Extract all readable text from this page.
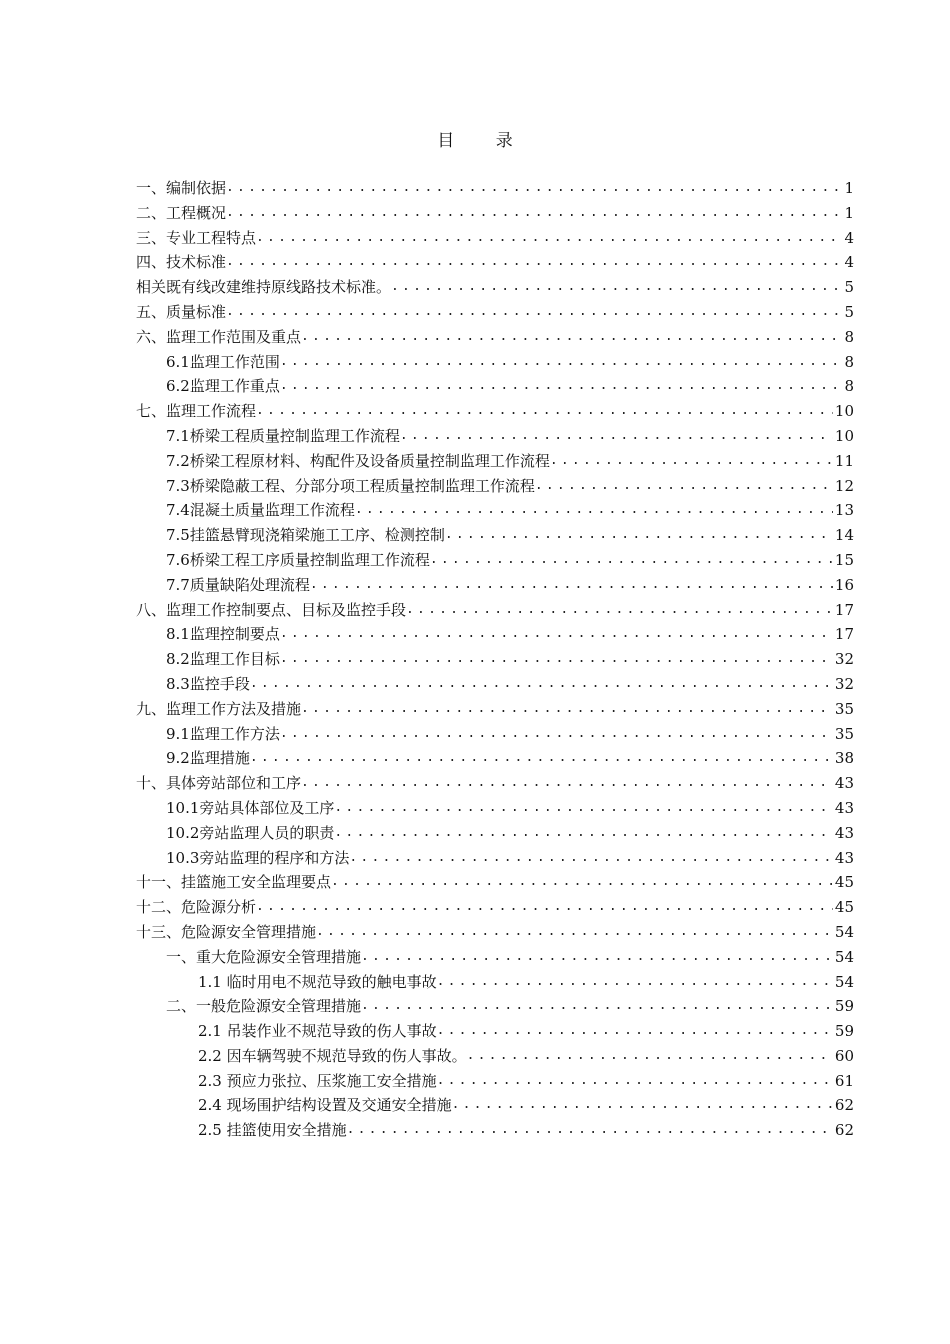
目 录
一、编制依据 .....	1
二、工程概况 .....	1
三、专业工程特点 .....	4
四、技术标准 .....	4
相关既有线改建维持原线路技术标准。 .....	5
五、质量标准 .....	5
六、监理工作范围及重点 .....	8
6.1监理工作范围 .....	8
6.2监理工作重点 .....	8
七、监理工作流程 .....	10
7.1桥梁工程质量控制监理工作流程 .....	10
7.2桥梁工程原材料、构配件及设备质量控制监理工作流程 .....	11
7.3桥梁隐蔽工程、分部分项工程质量控制监理工作流程 .....	12
7.4混凝土质量监理工作流程 .....	13
7.5挂篮悬臂现浇箱梁施工工序、检测控制 .....	14
7.6桥梁工程工序质量控制监理工作流程 .....	15
7.7质量缺陷处理流程 .....	16
八、监理工作控制要点、目标及监控手段 .....	17
8.1监理控制要点 .....	17
8.2监理工作目标 .....	32
8.3监控手段 .....	32
九、监理工作方法及措施 .....	35
9.1监理工作方法 .....	35
9.2监理措施 .....	38
十、具体旁站部位和工序 .....	43
10.1旁站具体部位及工序 .....	43
10.2旁站监理人员的职责 .....	43
10.3旁站监理的程序和方法 .....	43
十一、挂篮施工安全监理要点 .....	45
十二、危险源分析 .....	45
十三、危险源安全管理措施 .....	54
一、重大危险源安全管理措施 .....	54
1.1 临时用电不规范导致的触电事故 .....	54
二、一般危险源安全管理措施 .....	59
2.1 吊装作业不规范导致的伤人事故 .....	59
2.2 因车辆驾驶不规范导致的伤人事故。 .....	60
2.3 预应力张拉、压浆施工安全措施 .....	61
2.4 现场围护结构设置及交通安全措施 .....	62
2.5 挂篮使用安全措施 .....	62
